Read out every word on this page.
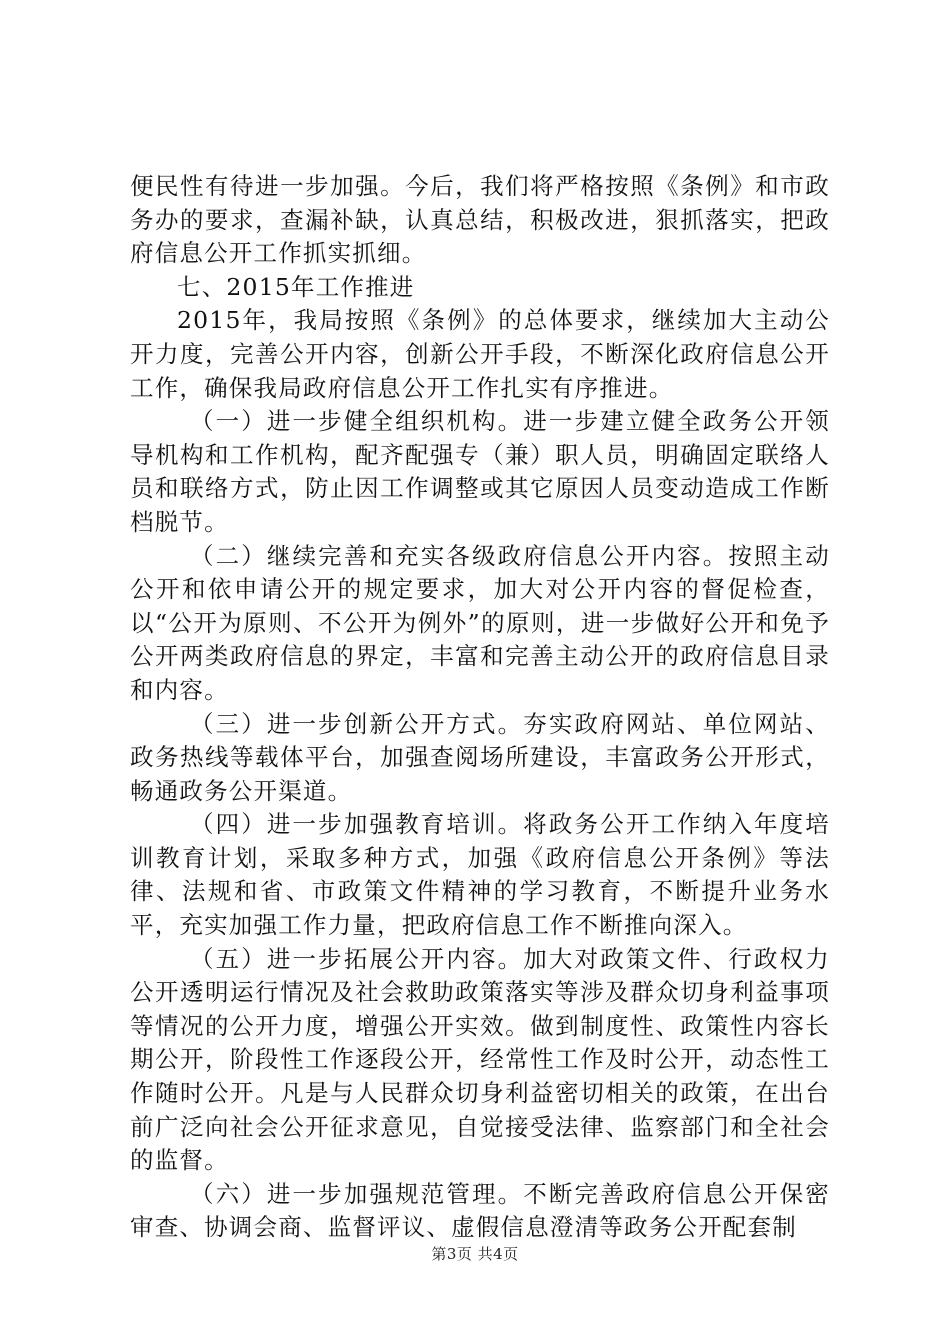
便民性有待进一步加强。今后，我们将严格按照《条例》和市政务办的要求，查漏补缺，认真总结，积极改进，狠抓落实，把政府信息公开工作抓实抓细。

七、2015年工作推进

2015年，我局按照《条例》的总体要求，继续加大主动公开力度，完善公开内容，创新公开手段，不断深化政府信息公开工作，确保我局政府信息公开工作扎实有序推进。

（一）进一步健全组织机构。进一步建立健全政务公开领导机构和工作机构，配齐配强专（兼）职人员，明确固定联络人员和联络方式，防止因工作调整或其它原因人员变动造成工作断档脱节。

（二）继续完善和充实各级政府信息公开内容。按照主动公开和依申请公开的规定要求，加大对公开内容的督促检查，以“公开为原则、不公开为例外”的原则，进一步做好公开和免予公开两类政府信息的界定，丰富和完善主动公开的政府信息目录和内容。

（三）进一步创新公开方式。夯实政府网站、单位网站、政务热线等载体平台，加强查阅场所建设，丰富政务公开形式，畅通政务公开渠道。

（四）进一步加强教育培训。将政务公开工作纳入年度培训教育计划，采取多种方式，加强《政府信息公开条例》等法律、法规和省、市政策文件精神的学习教育，不断提升业务水平，充实加强工作力量，把政府信息工作不断推向深入。

（五）进一步拓展公开内容。加大对政策文件、行政权力公开透明运行情况及社会救助政策落实等涉及群众切身利益事项等情况的公开力度，增强公开实效。做到制度性、政策性内容长期公开，阶段性工作逐段公开，经常性工作及时公开，动态性工作随时公开。凡是与人民群众切身利益密切相关的政策，在出台前广泛向社会公开征求意见，自觉接受法律、监察部门和全社会的监督。

（六）进一步加强规范管理。不断完善政府信息公开保密审查、协调会商、监督评议、虚假信息澄清等政务公开配套制

第3页 共4页
